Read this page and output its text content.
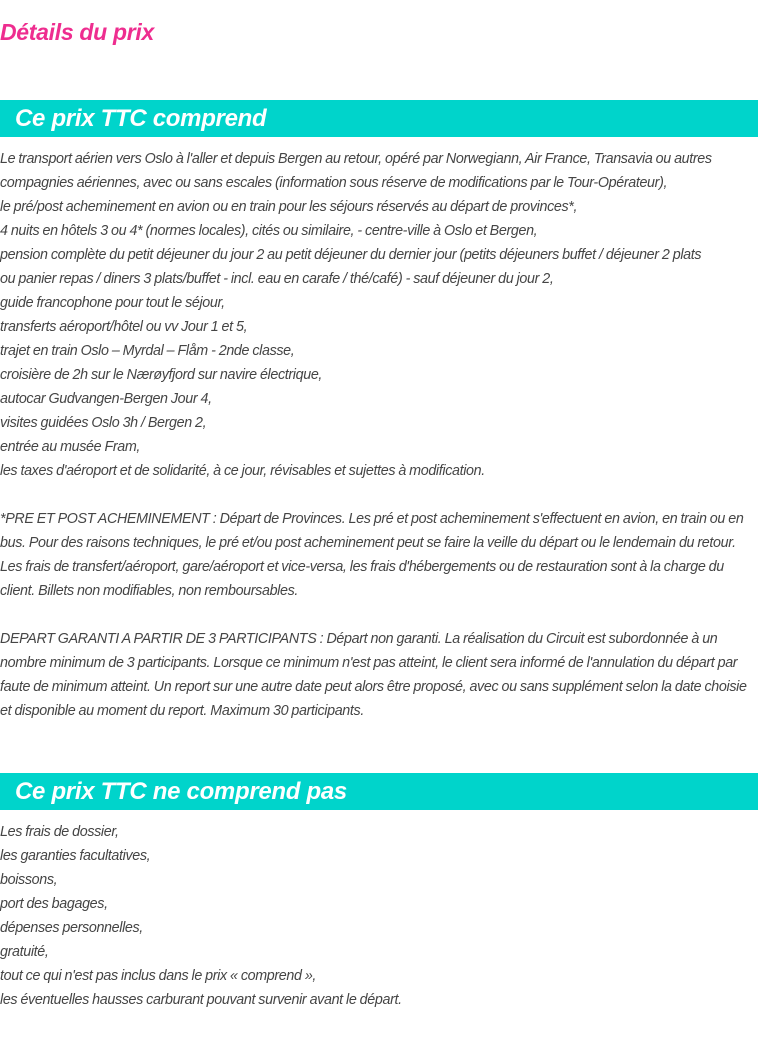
Détails du prix
Ce prix TTC comprend
Le transport aérien vers Oslo à l'aller et depuis Bergen au retour, opéré par Norwegiann, Air France, Transavia ou autres
compagnies aériennes, avec ou sans escales (information sous réserve de modifications par le Tour-Opérateur),
le pré/post acheminement en avion ou en train pour les séjours réservés au départ de provinces*,
4 nuits en hôtels 3 ou 4* (normes locales), cités ou similaire, - centre-ville à Oslo et Bergen,
pension complète du petit déjeuner du jour 2 au petit déjeuner du dernier jour (petits déjeuners buffet / déjeuner 2 plats
ou panier repas / diners 3 plats/buffet - incl. eau en carafe / thé/café) - sauf déjeuner du jour 2,
guide francophone pour tout le séjour,
transferts aéroport/hôtel ou vv Jour 1 et 5,
trajet en train Oslo – Myrdal – Flåm - 2nde classe,
croisière de 2h sur le Nærøyfjord sur navire électrique,
autocar Gudvangen-Bergen Jour 4,
visites guidées Oslo 3h / Bergen 2,
entrée au musée Fram,
les taxes d'aéroport et de solidarité, à ce jour, révisables et sujettes à modification.

*PRE ET POST ACHEMINEMENT : Départ de Provinces. Les pré et post acheminement s'effectuent en avion, en train ou en bus. Pour des raisons techniques, le pré et/ou post acheminement peut se faire la veille du départ ou le lendemain du retour. Les frais de transfert/aéroport, gare/aéroport et vice-versa, les frais d'hébergements ou de restauration sont à la charge du client. Billets non modifiables, non remboursables.

DEPART GARANTI A PARTIR DE 3 PARTICIPANTS : Départ non garanti. La réalisation du Circuit est subordonnée à un nombre minimum de 3 participants. Lorsque ce minimum n'est pas atteint, le client sera informé de l'annulation du départ par faute de minimum atteint. Un report sur une autre date peut alors être proposé, avec ou sans supplément selon la date choisie et disponible au moment du report. Maximum 30 participants.

Ce prix TTC ne comprend pas
Les frais de dossier,
les garanties facultatives,
boissons,
port des bagages,
dépenses personnelles,
gratuité,
tout ce qui n'est pas inclus dans le prix « comprend »,
les éventuelles hausses carburant pouvant survenir avant le départ.
